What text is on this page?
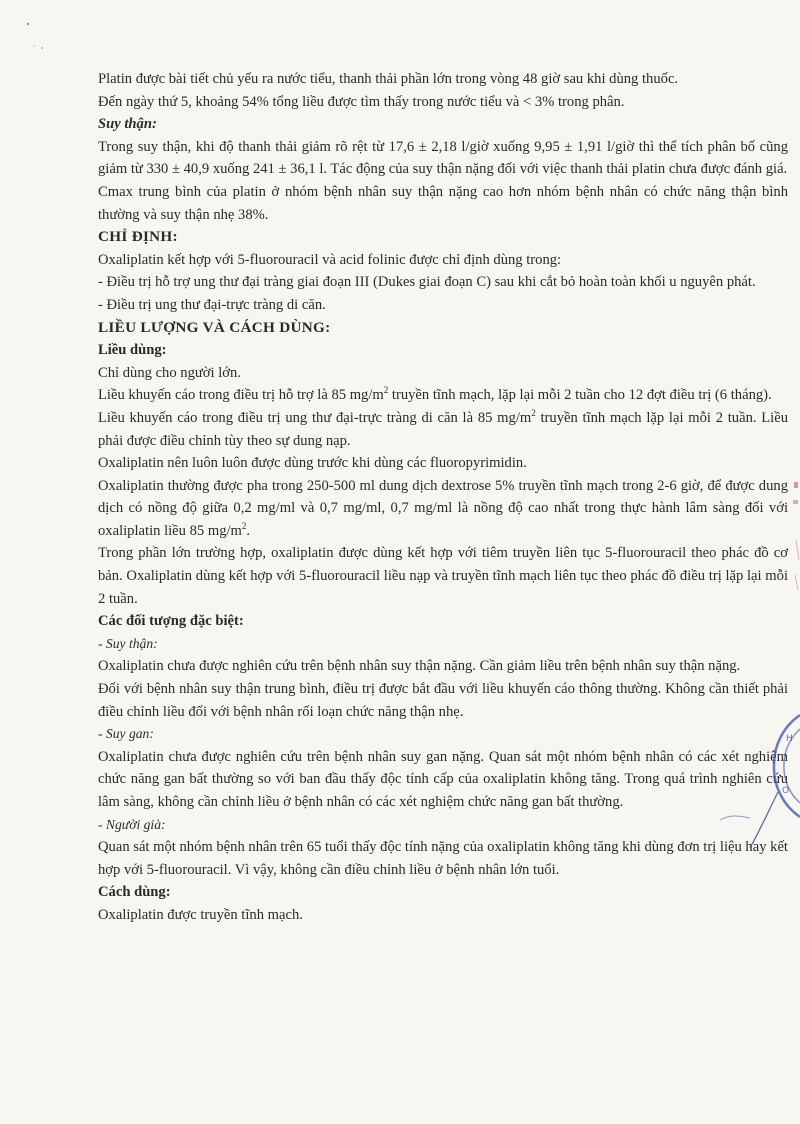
Platin được bài tiết chủ yếu ra nước tiểu, thanh thải phần lớn trong vòng 48 giờ sau khi dùng thuốc.

Đến ngày thứ 5, khoảng 54% tổng liều được tìm thấy trong nước tiểu và < 3% trong phân.

Suy thận:

Trong suy thận, khi độ thanh thải giảm rõ rệt từ 17,6 ± 2,18 l/giờ xuống 9,95 ± 1,91 l/giờ thì thể tích phân bố cũng giảm từ 330 ± 40,9 xuống 241 ± 36,1 l. Tác động của suy thận nặng đối với việc thanh thải platin chưa được đánh giá.

Cmax trung bình của platin ở nhóm bệnh nhân suy thận nặng cao hơn nhóm bệnh nhân có chức năng thận bình thường và suy thận nhẹ 38%.

CHỈ ĐỊNH:

Oxaliplatin kết hợp với 5-fluorouracil và acid folinic được chỉ định dùng trong:

- Điều trị hỗ trợ ung thư đại tràng giai đoạn III (Dukes giai đoạn C) sau khi cắt bỏ hoàn toàn khối u nguyên phát.

- Điều trị ung thư đại-trực tràng di căn.

LIỀU LƯỢNG VÀ CÁCH DÙNG:

Liều dùng:

Chỉ dùng cho người lớn.

Liều khuyến cáo trong điều trị hỗ trợ là 85 $mg/m^2$ truyền tĩnh mạch, lặp lại mỗi 2 tuần cho 12 đợt điều trị (6 tháng).

Liều khuyến cáo trong điều trị ung thư đại-trực tràng di căn là 85 $mg/m^2$ truyền tĩnh mạch lặp lại mỗi 2 tuần. Liều phải được điều chỉnh tùy theo sự dung nạp.

Oxaliplatin nên luôn luôn được dùng trước khi dùng các fluoropyrimidin.

Oxaliplatin thường được pha trong 250-500 ml dung dịch dextrose 5% truyền tĩnh mạch trong 2-6 giờ, để được dung dịch có nồng độ giữa 0,2 mg/ml và 0,7 mg/ml, 0,7 mg/ml là nồng độ cao nhất trong thực hành lâm sàng đối với oxaliplatin liều 85 $mg/m^2$.

Trong phần lớn trường hợp, oxaliplatin được dùng kết hợp với tiêm truyền liên tục 5-fluorouracil theo phác đồ cơ bản. Oxaliplatin dùng kết hợp với 5-fluorouracil liều nạp và truyền tĩnh mạch liên tục theo phác đồ điều trị lặp lại mỗi 2 tuần.

Các đối tượng đặc biệt:

- Suy thận:

Oxaliplatin chưa được nghiên cứu trên bệnh nhân suy thận nặng. Cần giảm liều trên bệnh nhân suy thận nặng.

Đối với bệnh nhân suy thận trung bình, điều trị được bắt đầu với liều khuyến cáo thông thường. Không cần thiết phải điều chỉnh liều đối với bệnh nhân rối loạn chức năng thận nhẹ.

- Suy gan:

Oxaliplatin chưa được nghiên cứu trên bệnh nhân suy gan nặng. Quan sát một nhóm bệnh nhân có các xét nghiệm chức năng gan bất thường so với ban đầu thấy độc tính cấp của oxaliplatin không tăng. Trong quá trình nghiên cứu lâm sàng, không cần chỉnh liều ở bệnh nhân có các xét nghiệm chức năng gan bất thường.

- Người già:

Quan sát một nhóm bệnh nhân trên 65 tuổi thấy độc tính nặng của oxaliplatin không tăng khi dùng đơn trị liệu hay kết hợp với 5-fluorouracil. Vì vậy, không cần điều chỉnh liều ở bệnh nhân lớn tuổi.

Cách dùng:

Oxaliplatin được truyền tĩnh mạch.

H
O
